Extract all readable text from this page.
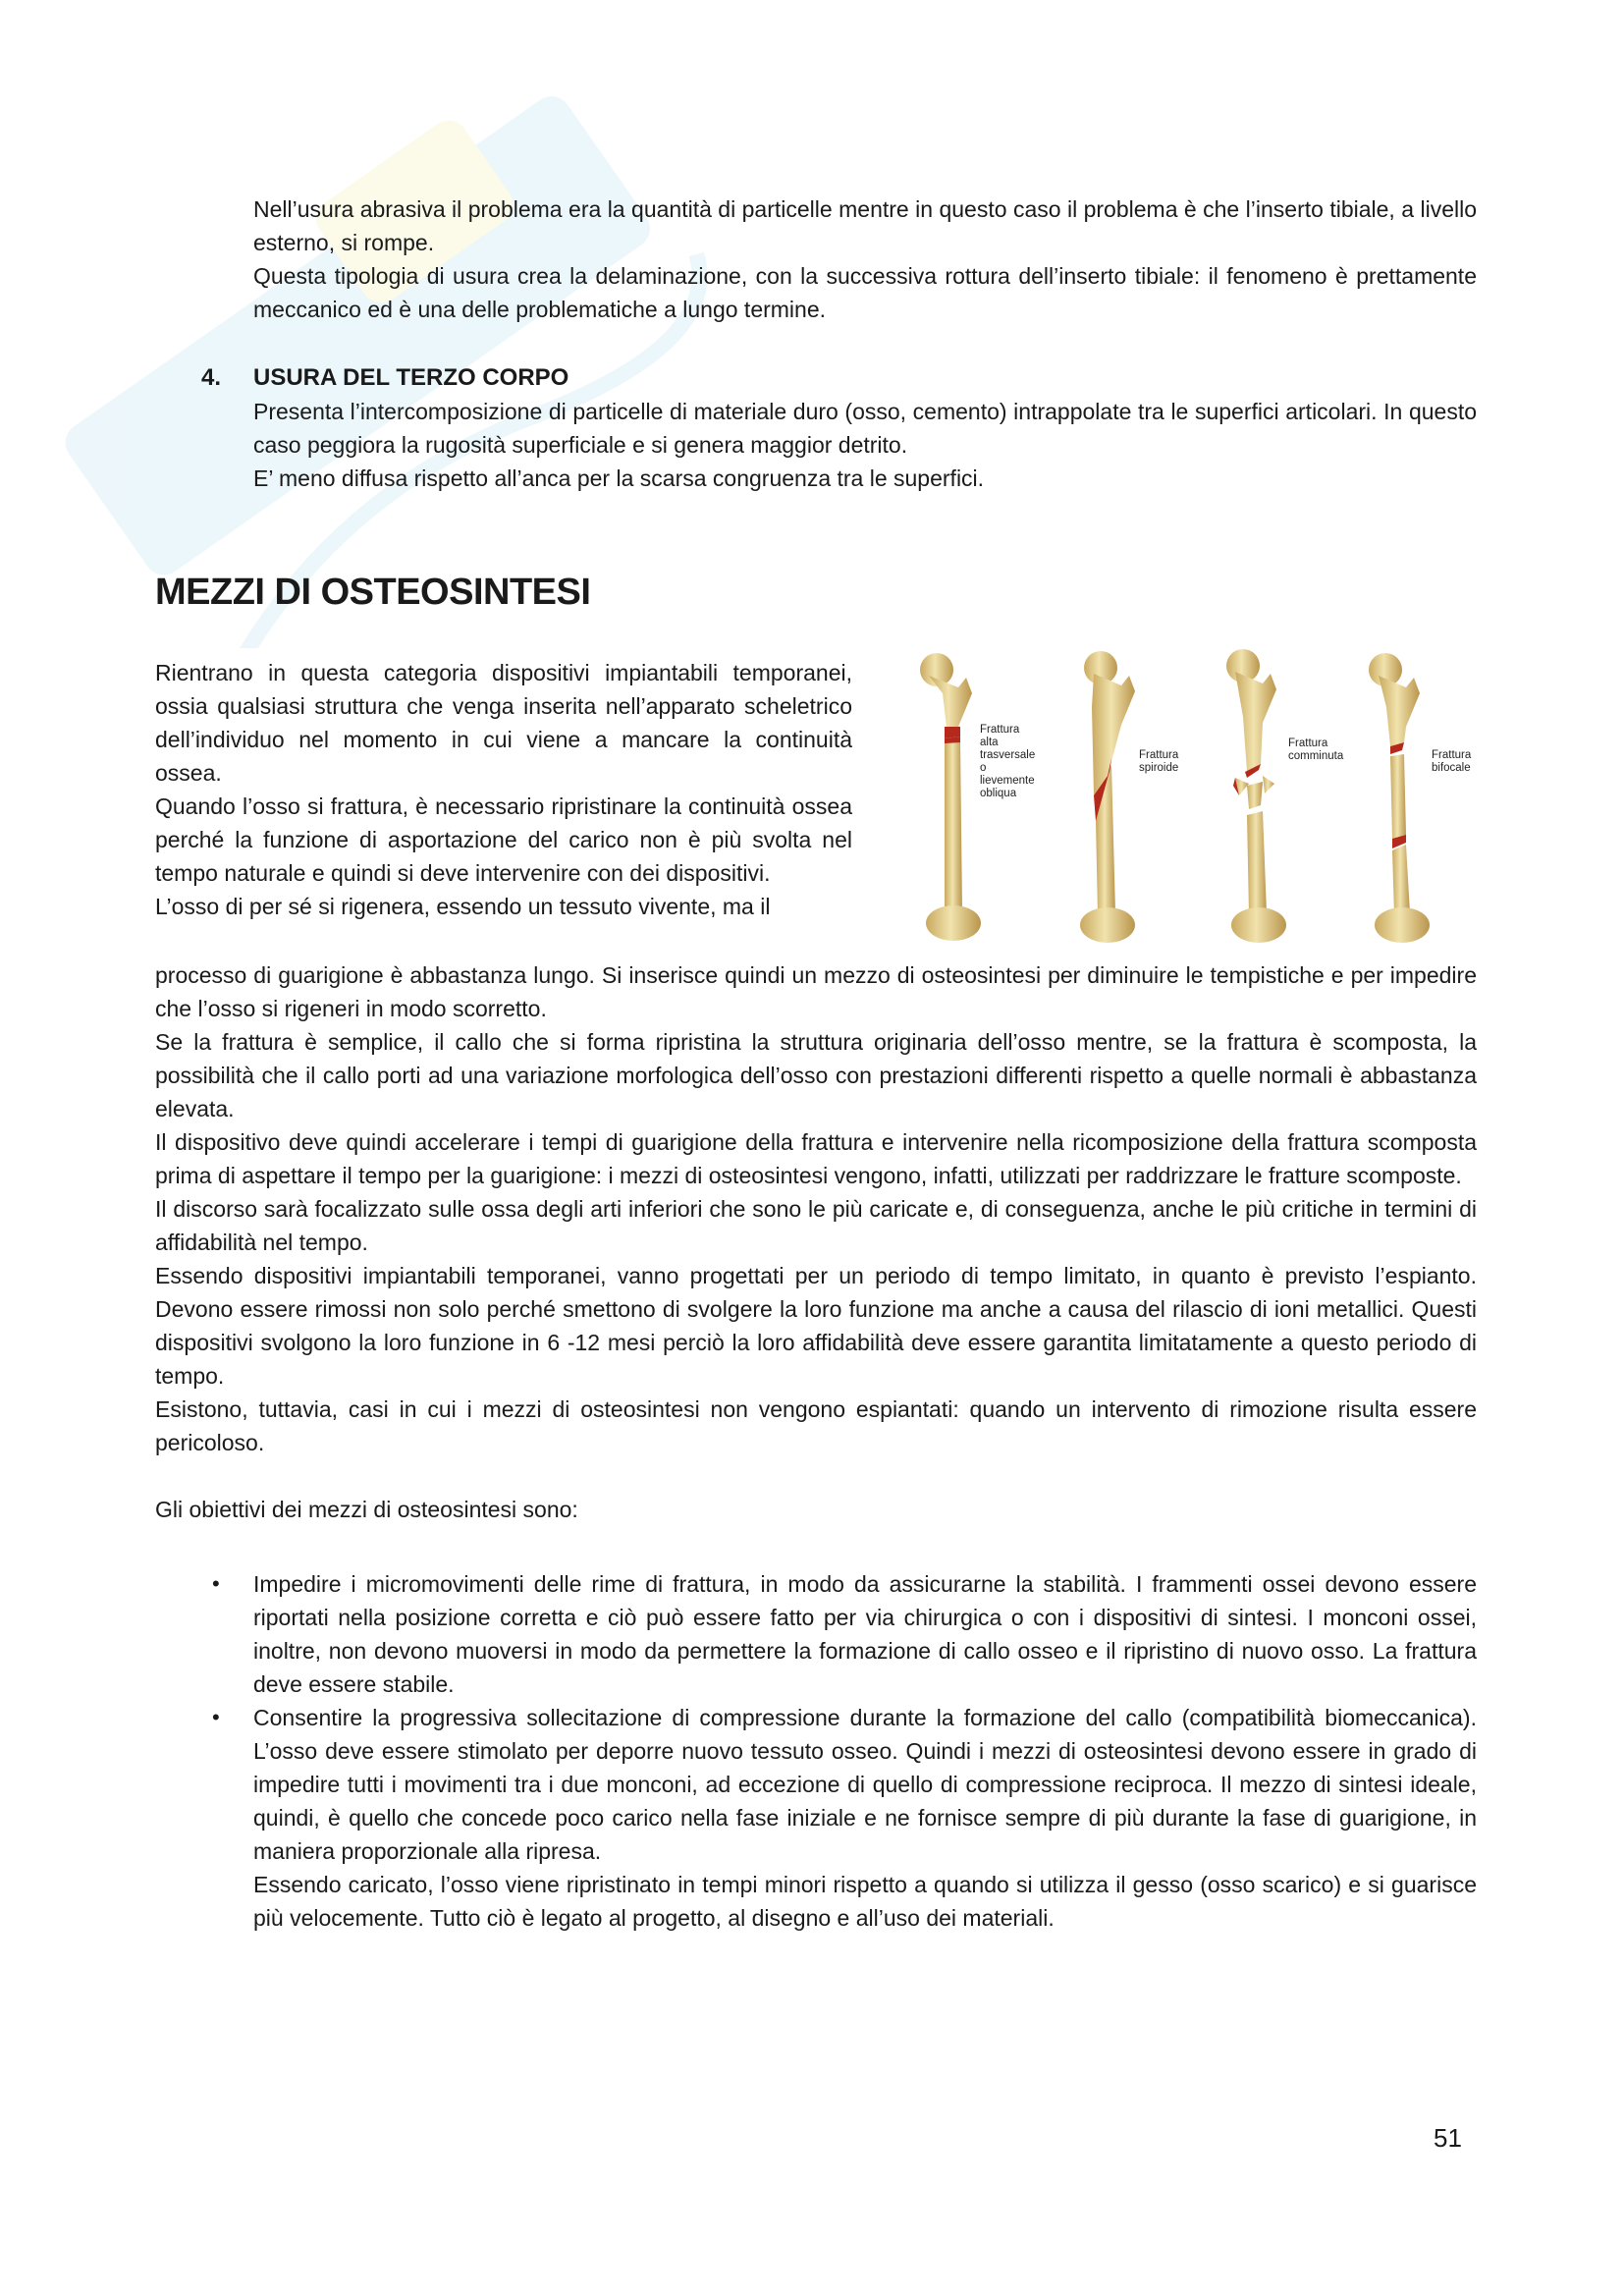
Nell’usura abrasiva il problema era la quantità di particelle mentre in questo caso il problema è che l’inserto tibiale, a livello esterno, si rompe.

Questa tipologia di usura crea la delaminazione, con la successiva rottura dell’inserto tibiale: il fenomeno è prettamente meccanico ed è una delle problematiche a lungo termine.

4. USURA DEL TERZO CORPO

Presenta l’intercomposizione di particelle di materiale duro (osso, cemento) intrappolate tra le superfici articolari. In questo caso peggiora la rugosità superficiale e si genera maggior detrito.

E’ meno diffusa rispetto all’anca per la scarsa congruenza tra le superfici.

MEZZI DI OSTEOSINTESI

Rientrano in questa categoria dispositivi impiantabili temporanei, ossia qualsiasi struttura che venga inserita nell’apparato scheletrico dell’individuo nel momento in cui viene a mancare la continuità ossea.

Quando l’osso si frattura, è necessario ripristinare la continuità ossea perché la funzione di asportazione del carico non è più svolta nel tempo naturale e quindi si deve intervenire con dei dispositivi.

L’osso di per sé si rigenera, essendo un tessuto vivente, ma il

Frattura
alta
trasversale
o
lievemente
obliqua
Frattura
spiroide
Frattura
comminuta	Frattura
bifocale

processo di guarigione è abbastanza lungo. Si inserisce quindi un mezzo di osteosintesi per diminuire le tempistiche e per impedire che l’osso si rigeneri in modo scorretto.

Se la frattura è semplice, il callo che si forma ripristina la struttura originaria dell’osso mentre, se la frattura è scomposta, la possibilità che il callo porti ad una variazione morfologica dell’osso con prestazioni differenti rispetto a quelle normali è abbastanza elevata.

Il dispositivo deve quindi accelerare i tempi di guarigione della frattura e intervenire nella ricomposizione della frattura scomposta prima di aspettare il tempo per la guarigione: i mezzi di osteosintesi vengono, infatti, utilizzati per raddrizzare le fratture scomposte.

Il discorso sarà focalizzato sulle ossa degli arti inferiori che sono le più caricate e, di conseguenza, anche le più critiche in termini di affidabilità nel tempo.

Essendo dispositivi impiantabili temporanei, vanno progettati per un periodo di tempo limitato, in quanto è previsto l’espianto. Devono essere rimossi non solo perché smettono di svolgere la loro funzione ma anche a causa del rilascio di ioni metallici. Questi dispositivi svolgono la loro funzione in 6 -12 mesi perciò la loro affidabilità deve essere garantita limitatamente a questo periodo di tempo.

Esistono, tuttavia, casi in cui i mezzi di osteosintesi non vengono espiantati: quando un intervento di rimozione risulta essere pericoloso.

Gli obiettivi dei mezzi di osteosintesi sono:

• Impedire i micromovimenti delle rime di frattura, in modo da assicurarne la stabilità. I frammenti ossei devono essere riportati nella posizione corretta e ciò può essere fatto per via chirurgica o con i dispositivi di sintesi. I monconi ossei, inoltre, non devono muoversi in modo da permettere la formazione di callo osseo e il ripristino di nuovo osso. La frattura deve essere stabile.

• Consentire la progressiva sollecitazione di compressione durante la formazione del callo (compatibilità biomeccanica). L’osso deve essere stimolato per deporre nuovo tessuto osseo. Quindi i mezzi di osteosintesi devono essere in grado di impedire tutti i movimenti tra i due monconi, ad eccezione di quello di compressione reciproca. Il mezzo di sintesi ideale, quindi, è quello che concede poco carico nella fase iniziale e ne fornisce sempre di più durante la fase di guarigione, in maniera proporzionale alla ripresa.

Essendo caricato, l’osso viene ripristinato in tempi minori rispetto a quando si utilizza il gesso (osso scarico) e si guarisce più velocemente. Tutto ciò è legato al progetto, al disegno e all’uso dei materiali.

51
